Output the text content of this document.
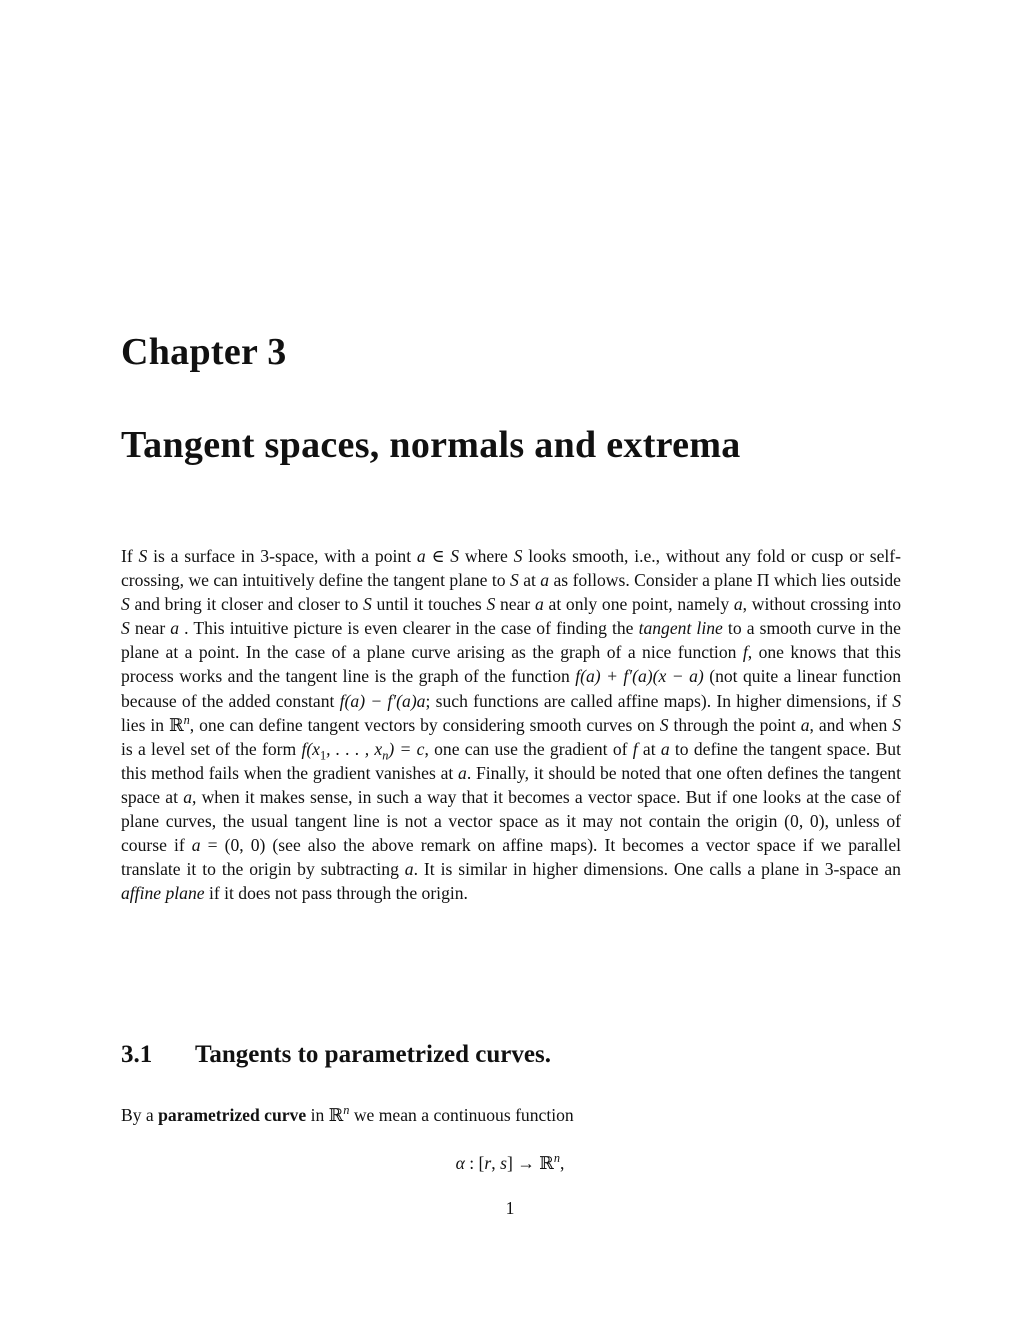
Chapter 3
Tangent spaces, normals and extrema

If S is a surface in 3-space, with a point a ∈ S where S looks smooth, i.e., without any fold or cusp or self-crossing, we can intuitively define the tangent plane to S at a as follows. Consider a plane Π which lies outside S and bring it closer and closer to S until it touches S near a at only one point, namely a, without crossing into S near a . This intuitive picture is even clearer in the case of finding the tangent line to a smooth curve in the plane at a point. In the case of a plane curve arising as the graph of a nice function f, one knows that this process works and the tangent line is the graph of the function f(a) + f′(a)(x − a) (not quite a linear function because of the added constant f(a) − f′(a)a; such functions are called affine maps). In higher dimensions, if S lies in ℝ$^n$, one can define tangent vectors by considering smooth curves on S through the point a, and when S is a level set of the form $f(x_1$, . . . , $x_n) = c$, one can use the gradient of f at a to define the tangent space. But this method fails when the gradient vanishes at a. Finally, it should be noted that one often defines the tangent space at a, when it makes sense, in such a way that it becomes a vector space. But if one looks at the case of plane curves, the usual tangent line is not a vector space as it may not contain the origin (0, 0), unless of course if a = (0, 0) (see also the above remark on affine maps). It becomes a vector space if we parallel translate it to the origin by subtracting a. It is similar in higher dimensions. One calls a plane in 3-space an affine plane if it does not pass through the origin.

3.1 Tangents to parametrized curves.

By a parametrized curve in ℝ$^n$ we mean a continuous function

α : [r, s] → ℝ$^n$,

1
